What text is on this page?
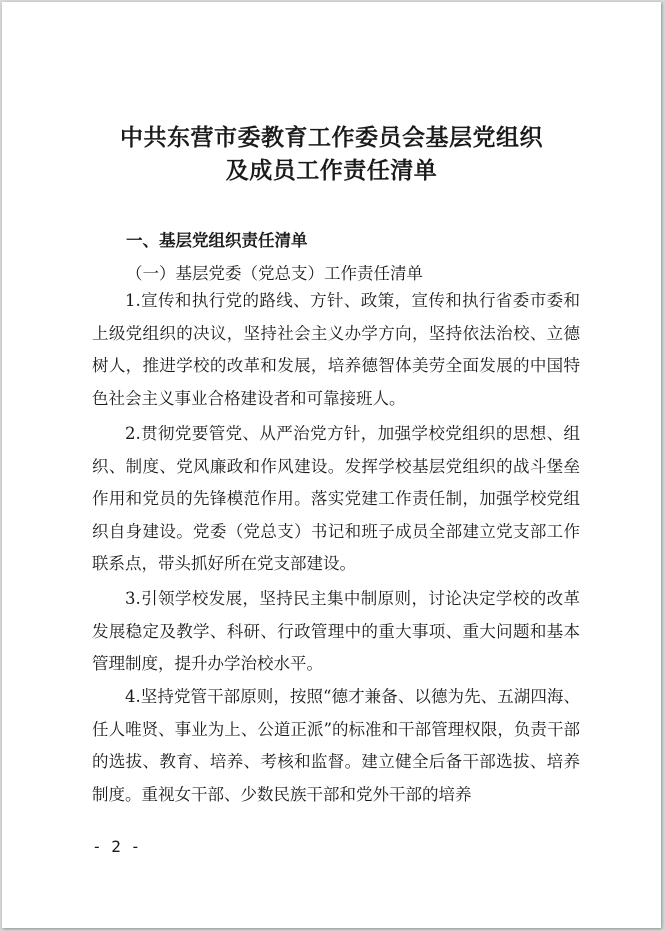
中共东营市委教育工作委员会基层党组织
及成员工作责任清单
一、基层党组织责任清单
（一）基层党委（党总支）工作责任清单

1.宣传和执行党的路线、方针、政策，宣传和执行省委市委和上级党组织的决议，坚持社会主义办学方向，坚持依法治校、立德树人，推进学校的改革和发展，培养德智体美劳全面发展的中国特色社会主义事业合格建设者和可靠接班人。

2.贯彻党要管党、从严治党方针，加强学校党组织的思想、组织、制度、党风廉政和作风建设。发挥学校基层党组织的战斗堡垒作用和党员的先锋模范作用。落实党建工作责任制，加强学校党组织自身建设。党委（党总支）书记和班子成员全部建立党支部工作联系点，带头抓好所在党支部建设。

3.引领学校发展，坚持民主集中制原则，讨论决定学校的改革发展稳定及教学、科研、行政管理中的重大事项、重大问题和基本管理制度，提升办学治校水平。

4.坚持党管干部原则，按照“德才兼备、以德为先、五湖四海、任人唯贤、事业为上、公道正派”的标准和干部管理权限，负责干部的选拔、教育、培养、考核和监督。建立健全后备干部选拔、培养制度。重视女干部、少数民族干部和党外干部的培养

- 2 -
